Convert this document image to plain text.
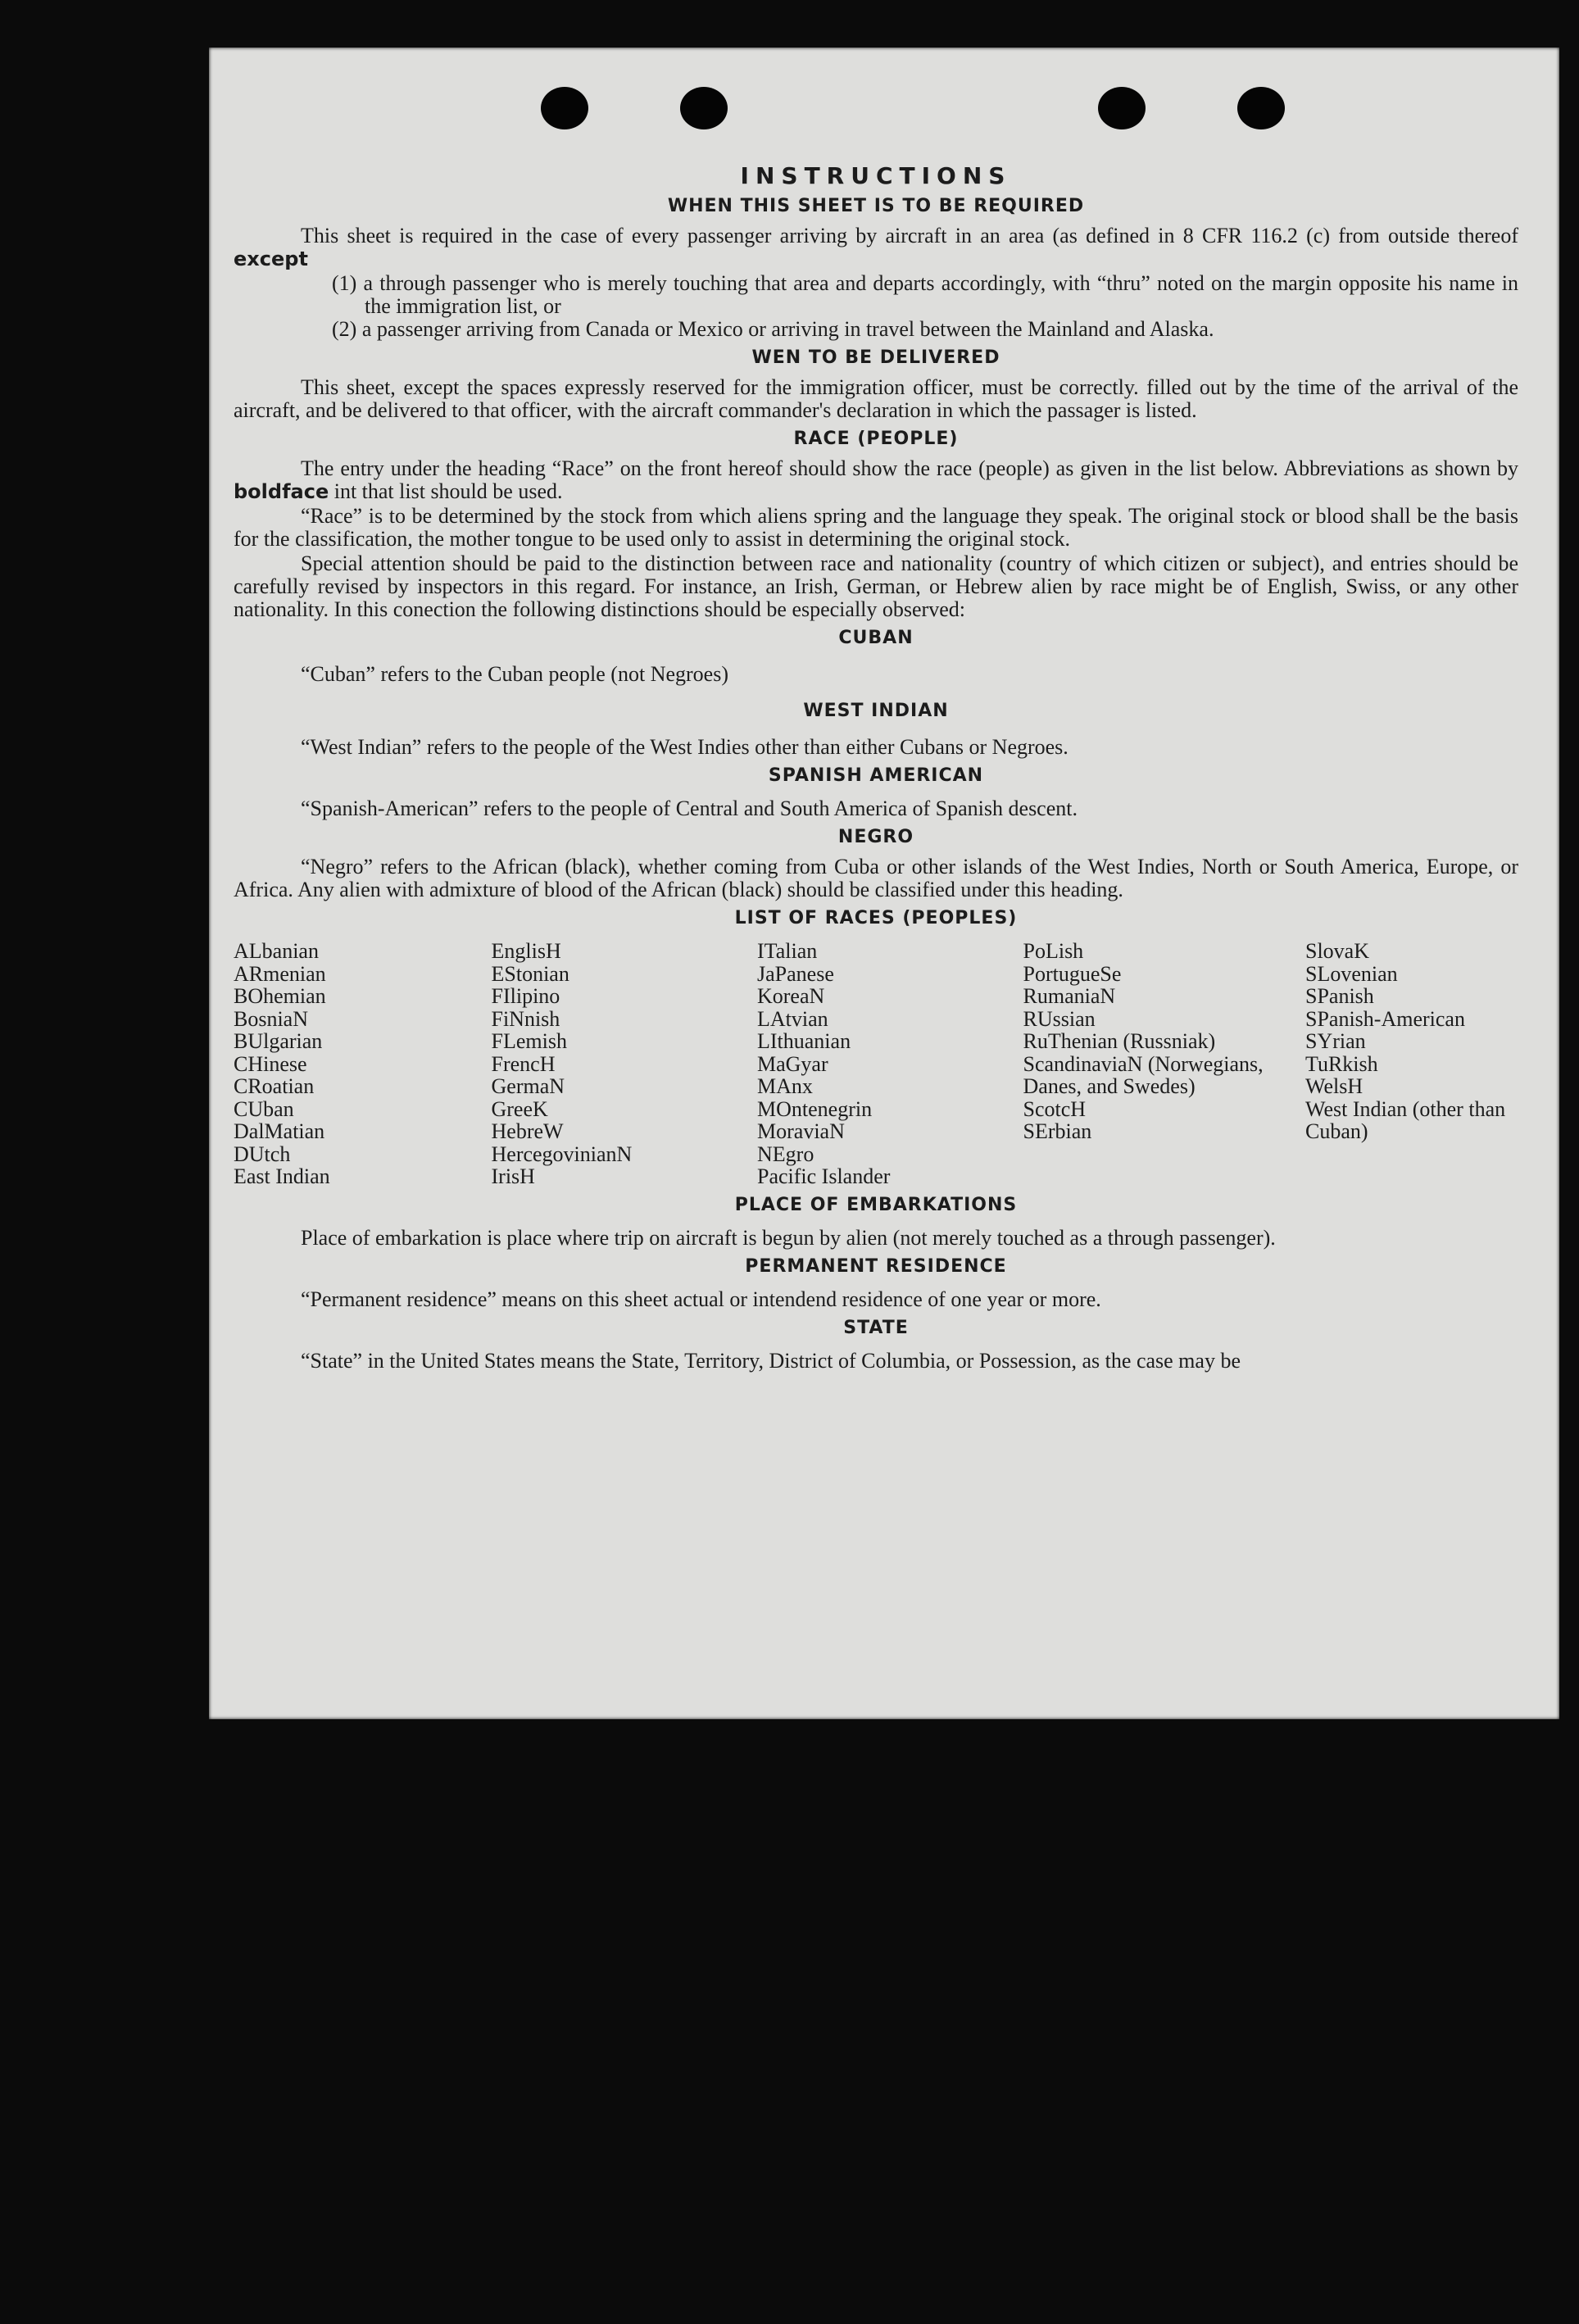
INSTRUCTIONS
WHEN THIS SHEET IS TO BE REQUIRED

This sheet is required in the case of every passenger arriving by aircraft in an area (as defined in 8 CFR 116.2 (c) from outside thereof except

(1) a through passenger who is merely touching that area and departs accordingly, with “thru” noted on the margin opposite his name in the immigration list, or

(2) a passenger arriving from Canada or Mexico or arriving in travel between the Mainland and Alaska.

WEN TO BE DELIVERED

This sheet, except the spaces expressly reserved for the immigration officer, must be correctly. filled out by the time of the arrival of the aircraft, and be delivered to that officer, with the aircraft commander's declaration in which the passager is listed.

RACE (PEOPLE)

The entry under the heading “Race” on the front hereof should show the race (people) as given in the list below. Abbreviations as shown by boldface int that list should be used.

“Race” is to be determined by the stock from which aliens spring and the language they speak. The original stock or blood shall be the basis for the classification, the mother tongue to be used only to assist in determining the original stock.

Special attention should be paid to the distinction between race and nationality (country of which citizen or subject), and entries should be carefully revised by inspectors in this regard. For instance, an Irish, German, or Hebrew alien by race might be of English, Swiss, or any other nationality. In this conection the following distinctions should be especially observed:

CUBAN

“Cuban” refers to the Cuban people (not Negroes)

WEST INDIAN

“West Indian” refers to the people of the West Indies other than either Cubans or Negroes.

SPANISH AMERICAN

“Spanish-American” refers to the people of Central and South America of Spanish descent.

NEGRO

“Negro” refers to the African (black), whether coming from Cuba or other islands of the West Indies, North or South America, Europe, or Africa. Any alien with admixture of blood of the African (black) should be classified under this heading.

LIST OF RACES (PEOPLES)
ALbanian
ARmenian
BOhemian
BosniaN
BUlgarian
CHinese
CRoatian
CUban
DalMatian
DUtch
East Indian
EnglisH
EStonian
FIlipino
FiNnish
FLemish
FrencH
GermaN
GreeK
HebreW
HercegovinianN
IrisH
ITalian
JaPanese
KoreaN
LAtvian
LIthuanian
MaGyar
MAnx
MOntenegrin
MoraviaN
NEgro
Pacific Islander
PoLish
PortugueSe
RumaniaN
RUssian
RuThenian (Russniak)
ScandinaviaN (Norwegians, Danes, and Swedes)
ScotcH
SErbian
SlovaK
SLovenian
SPanish
SPanish-American
SYrian
TuRkish
WelsH
West Indian (other than Cuban)
PLACE OF EMBARKATIONS

Place of embarkation is place where trip on aircraft is begun by alien (not merely touched as a through passenger).

PERMANENT RESIDENCE

“Permanent residence” means on this sheet actual or intendend residence of one year or more.

STATE

“State” in the United States means the State, Territory, District of Columbia, or Possession, as the case may be
